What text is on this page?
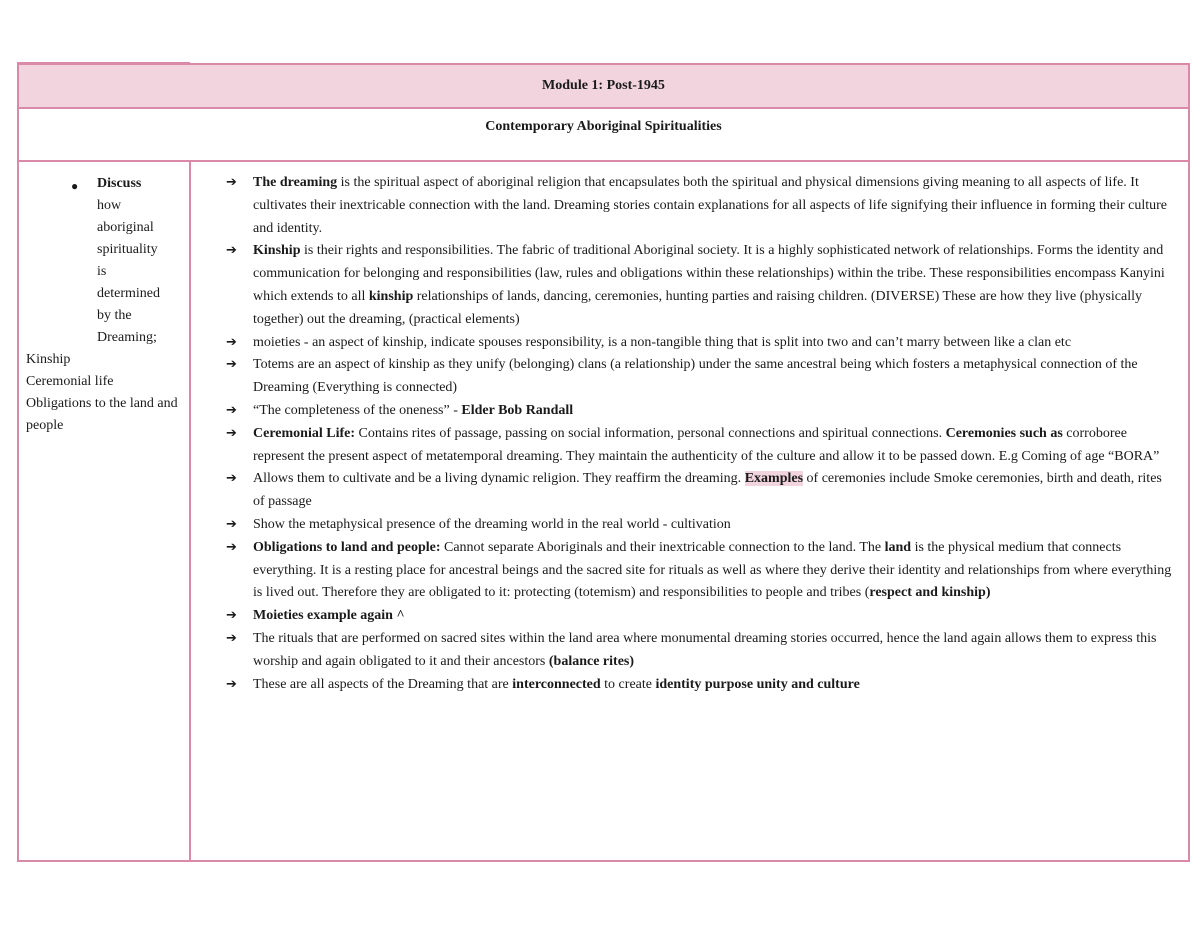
Module 1: Post-1945
Contemporary Aboriginal Spiritualities
● Discuss how aboriginal spirituality is determined by the Dreaming;
Kinship
Ceremonial life
Obligations to the land and people
➔ The dreaming is the spiritual aspect of aboriginal religion that encapsulates both the spiritual and physical dimensions giving meaning to all aspects of life. It cultivates their inextricable connection with the land. Dreaming stories contain explanations for all aspects of life signifying their influence in forming their culture and identity.
➔ Kinship is their rights and responsibilities. The fabric of traditional Aboriginal society. It is a highly sophisticated network of relationships. Forms the identity and communication for belonging and responsibilities (law, rules and obligations within these relationships) within the tribe. These responsibilities encompass Kanyini which extends to all kinship relationships of lands, dancing, ceremonies, hunting parties and raising children. (DIVERSE) These are how they live (physically together) out the dreaming, (practical elements)
➔ moieties - an aspect of kinship, indicate spouses responsibility, is a non-tangible thing that is split into two and can’t marry between like a clan etc
➔ Totems are an aspect of kinship as they unify (belonging) clans (a relationship) under the same ancestral being which fosters a metaphysical connection of the Dreaming (Everything is connected)
➔ “The completeness of the oneness” - Elder Bob Randall
➔ Ceremonial Life: Contains rites of passage, passing on social information, personal connections and spiritual connections. Ceremonies such as corroboree represent the present aspect of metatemporal dreaming. They maintain the authenticity of the culture and allow it to be passed down. E.g Coming of age “BORA”
➔ Allows them to cultivate and be a living dynamic religion. They reaffirm the dreaming. Examples of ceremonies include Smoke ceremonies, birth and death, rites of passage
➔ Show the metaphysical presence of the dreaming world in the real world - cultivation
➔ Obligations to land and people: Cannot separate Aboriginals and their inextricable connection to the land. The land is the physical medium that connects everything. It is a resting place for ancestral beings and the sacred site for rituals as well as where they derive their identity and relationships from where everything is lived out. Therefore they are obligated to it: protecting (totemism) and responsibilities to people and tribes (respect and kinship)
➔ Moieties example again ^
➔ The rituals that are performed on sacred sites within the land area where monumental dreaming stories occurred, hence the land again allows them to express this worship and again obligated to it and their ancestors (balance rites)
➔ These are all aspects of the Dreaming that are interconnected to create identity purpose unity and culture
